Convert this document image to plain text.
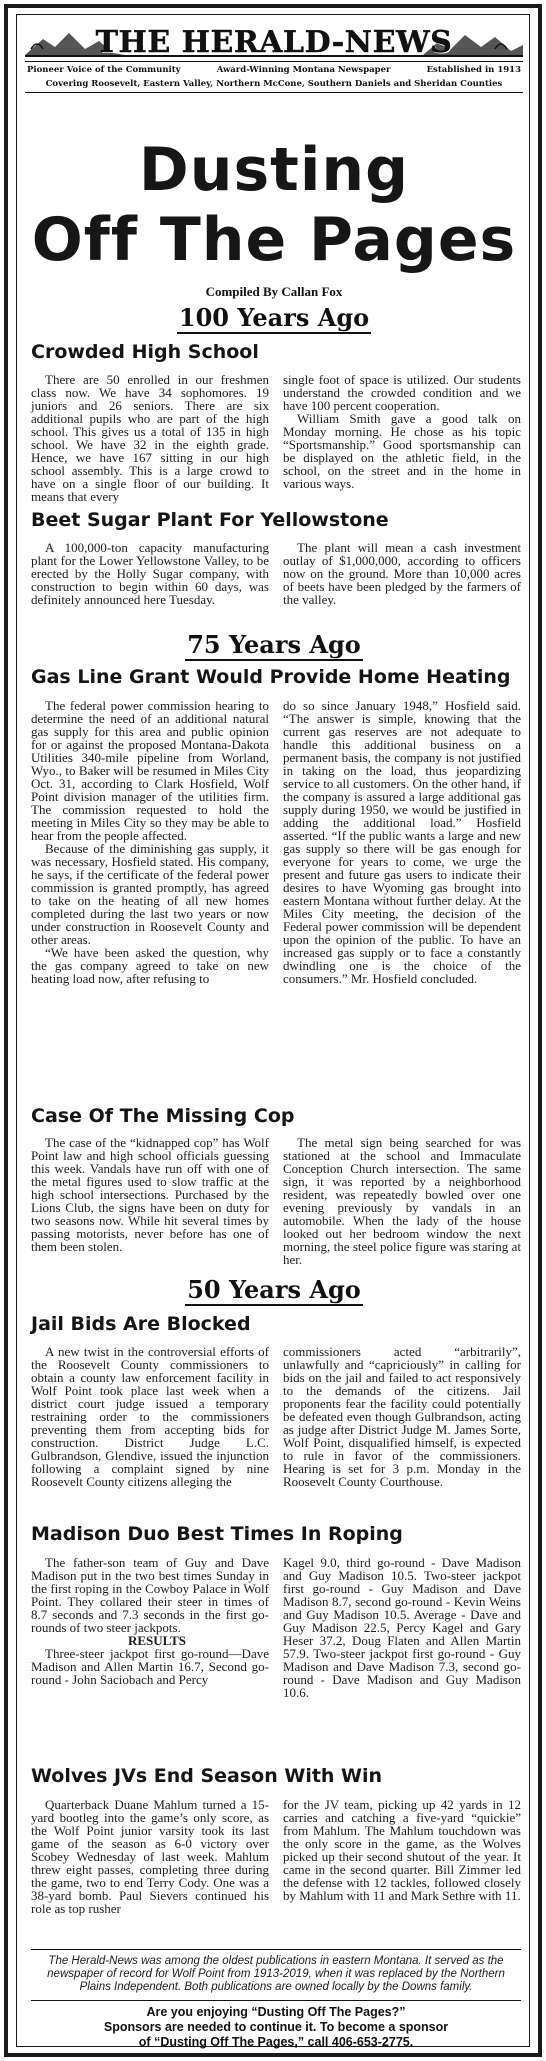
THE HERALD-NEWS
Pioneer Voice of the Community	Award-Winning Montana Newspaper	Established in 1913
Covering Roosevelt, Eastern Valley, Northern McCone, Southern Daniels and Sheridan Counties
Dusting
Off The Pages
Compiled By Callan Fox
100 Years Ago
Crowded High School

There are 50 enrolled in our freshmen class now. We have 34 sophomores. 19 juniors and 26 seniors. There are six additional pupils who are part of the high school. This gives us a total of 135 in high school. We have 32 in the eighth grade. Hence, we have 167 sitting in our high school assembly. This is a large crowd to have on a single floor of our building. It means that every

single foot of space is utilized. Our students understand the crowded condition and we have 100 percent cooperation.

William Smith gave a good talk on Monday morning. He chose as his topic “Sportsmanship.” Good sportsmanship can be displayed on the athletic field, in the school, on the street and in the home in various ways.

Beet Sugar Plant For Yellowstone

A 100,000-ton capacity manufacturing plant for the Lower Yellowstone Valley, to be erected by the Holly Sugar company, with construction to begin within 60 days, was definitely announced here Tuesday.

The plant will mean a cash investment outlay of $1,000,000, according to officers now on the ground. More than 10,000 acres of beets have been pledged by the farmers of the valley.

75 Years Ago
Gas Line Grant Would Provide Home Heating

The federal power commission hearing to determine the need of an additional natural gas supply for this area and public opinion for or against the proposed Montana-Dakota Utilities 340-mile pipeline from Worland, Wyo., to Baker will be resumed in Miles City Oct. 31, according to Clark Hosfield, Wolf Point division manager of the utilities firm. The commission requested to hold the meeting in Miles City so they may be able to hear from the people affected.

Because of the diminishing gas supply, it was necessary, Hosfield stated. His company, he says, if the certificate of the federal power commission is granted promptly, has agreed to take on the heating of all new homes completed during the last two years or now under construction in Roosevelt County and other areas.

“We have been asked the question, why the gas company agreed to take on new heating load now, after refusing to

do so since January 1948,” Hosfield said. “The answer is simple, knowing that the current gas reserves are not adequate to handle this additional business on a permanent basis, the company is not justified in taking on the load, thus jeopardizing service to all customers. On the other hand, if the company is assured a large additional gas supply during 1950, we would be justified in adding the additional load.” Hosfield asserted. “If the public wants a large and new gas supply so there will be gas enough for everyone for years to come, we urge the present and future gas users to indicate their desires to have Wyoming gas brought into eastern Montana without further delay. At the Miles City meeting, the decision of the Federal power commission will be dependent upon the opinion of the public. To have an increased gas supply or to face a constantly dwindling one is the choice of the consumers.” Mr. Hosfield concluded.

Case Of The Missing Cop

The case of the “kidnapped cop” has Wolf Point law and high school officials guessing this week. Vandals have run off with one of the metal figures used to slow traffic at the high school intersections. Purchased by the Lions Club, the signs have been on duty for two seasons now. While hit several times by passing motorists, never before has one of them been stolen.

The metal sign being searched for was stationed at the school and Immaculate Conception Church intersection. The same sign, it was reported by a neighborhood resident, was repeatedly bowled over one evening previously by vandals in an automobile. When the lady of the house looked out her bedroom window the next morning, the steel police figure was staring at her.

50 Years Ago
Jail Bids Are Blocked

A new twist in the controversial efforts of the Roosevelt County commissioners to obtain a county law enforcement facility in Wolf Point took place last week when a district court judge issued a temporary restraining order to the commissioners preventing them from accepting bids for construction. District Judge L.C. Gulbrandson, Glendive, issued the injunction following a complaint signed by nine Roosevelt County citizens alleging the

commissioners acted “arbitrarily”, unlawfully and “capriciously” in calling for bids on the jail and failed to act responsively to the demands of the citizens. Jail proponents fear the facility could potentially be defeated even though Gulbrandson, acting as judge after District Judge M. James Sorte, Wolf Point, disqualified himself, is expected to rule in favor of the commissioners. Hearing is set for 3 p.m. Monday in the Roosevelt County Courthouse.

Madison Duo Best Times In Roping

The father-son team of Guy and Dave Madison put in the two best times Sunday in the first roping in the Cowboy Palace in Wolf Point. They collared their steer in times of 8.7 seconds and 7.3 seconds in the first go-rounds of two steer jackpots.

RESULTS

Three-steer jackpot first go-round—Dave Madison and Allen Martin 16.7, Second go-round - John Saciobach and Percy

Kagel 9.0, third go-round - Dave Madison and Guy Madison 10.5. Two-steer jackpot first go-round - Guy Madison and Dave Madison 8.7, second go-round - Kevin Weins and Guy Madison 10.5. Average - Dave and Guy Madison 22.5, Percy Kagel and Gary Heser 37.2, Doug Flaten and Allen Martin 57.9. Two-steer jackpot first go-round - Guy Madison and Dave Madison 7.3, second go-round - Dave Madison and Guy Madison 10.6.

Wolves JVs End Season With Win

Quarterback Duane Mahlum turned a 15-yard bootleg into the game’s only score, as the Wolf Point junior varsity took its last game of the season as 6-0 victory over Scobey Wednesday of last week. Mahlum threw eight passes, completing three during the game, two to end Terry Cody. One was a 38-yard bomb. Paul Sievers continued his role as top rusher

for the JV team, picking up 42 yards in 12 carries and catching a five-yard “quickie” from Mahlum. The Mahlum touchdown was the only score in the game, as the Wolves picked up their second shutout of the year. It came in the second quarter. Bill Zimmer led the defense with 12 tackles, followed closely by Mahlum with 11 and Mark Sethre with 11.

The Herald-News was among the oldest publications in eastern Montana. It served as the newspaper of record for Wolf Point from 1913-2019, when it was replaced by the Northern Plains Independent. Both publications are owned locally by the Downs family.
Are you enjoying “Dusting Off The Pages?”
Sponsors are needed to continue it. To become a sponsor
of “Dusting Off The Pages,” call 406-653-2775.
